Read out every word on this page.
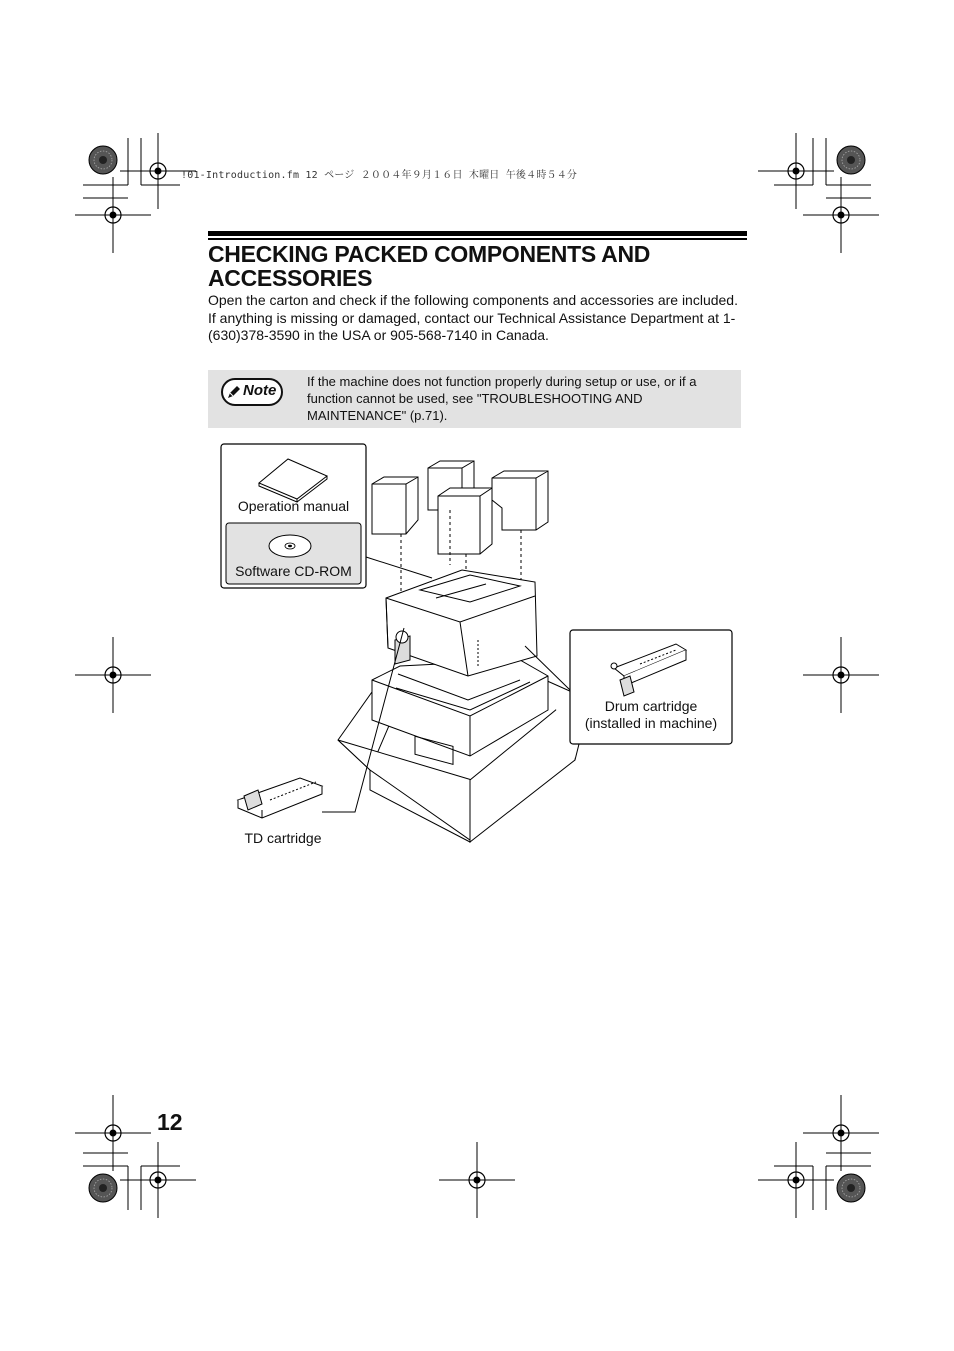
!01-Introduction.fm 12 ページ ２００４年９月１６日 木曜日 午後４時５４分
CHECKING PACKED COMPONENTS AND
ACCESSORIES

Open the carton and check if the following components and accessories are included.

If anything is missing or damaged, contact our Technical Assistance Department at 1-(630)378-3590 in the USA or 905-568-7140 in Canada.

Note
If the machine does not function properly during setup or use, or if a function cannot be used, see "TROUBLESHOOTING AND MAINTENANCE" (p.71).
Operation manual
Software CD-ROM
Drum cartridge
(installed in machine)
TD cartridge
12
